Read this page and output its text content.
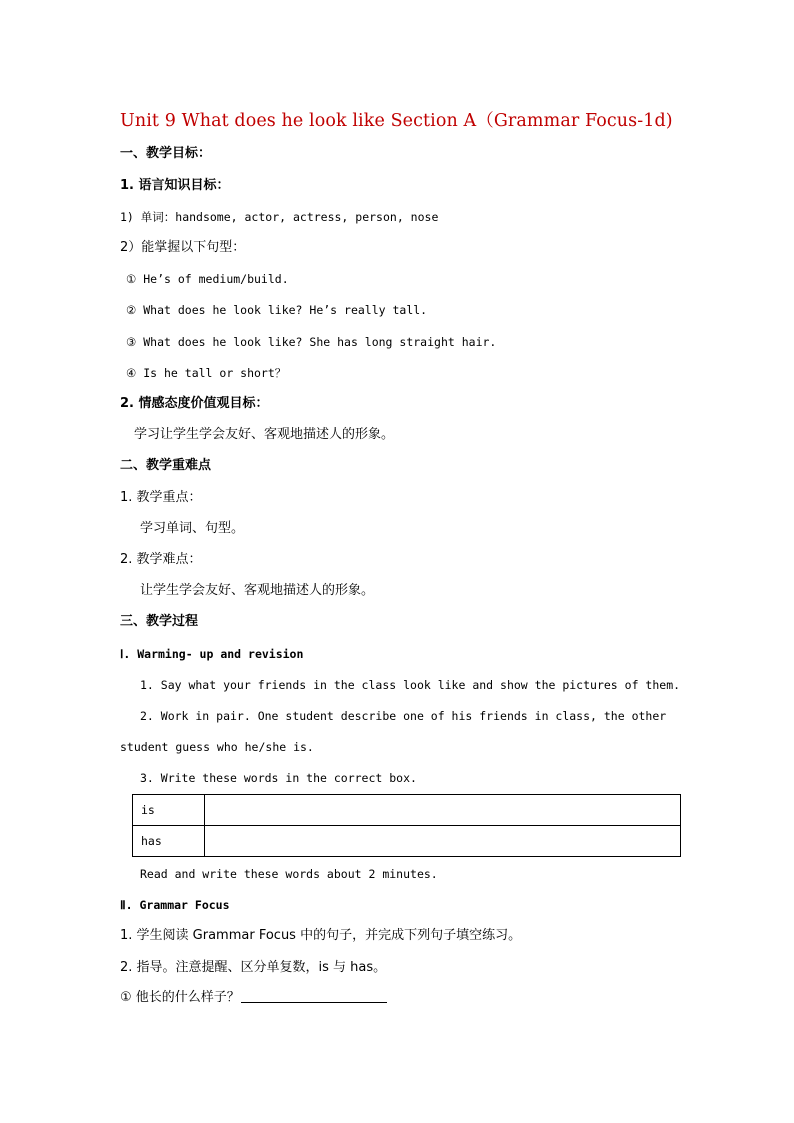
Unit 9 What does he look like Section A（Grammar Focus-1d)
一、教学目标：
1. 语言知识目标：
1) 单词：handsome, actor, actress, person, nose
2）能掌握以下句型：
① He’s of medium/build.
② What does he look like? He’s really tall.
③ What does he look like? She has long straight hair.
④ Is he tall or short？
2. 情感态度价值观目标：
学习让学生学会友好、客观地描述人的形象。
二、教学重难点
1. 教学重点：
学习单词、句型。
2. 教学难点：
让学生学会友好、客观地描述人的形象。
三、教学过程
Ⅰ. Warming- up and revision
1. Say what your friends in the class look like and show the pictures of them.
2. Work in pair. One student describe one of his friends in class, the other
student guess who he/she is.
3. Write these words in the correct box.
is	
has	
Read and write these words about 2 minutes.
Ⅱ. Grammar Focus
1. 学生阅读 Grammar Focus 中的句子，并完成下列句子填空练习。
2. 指导。注意提醒、区分单复数，is 与 has。
① 他长的什么样子？
